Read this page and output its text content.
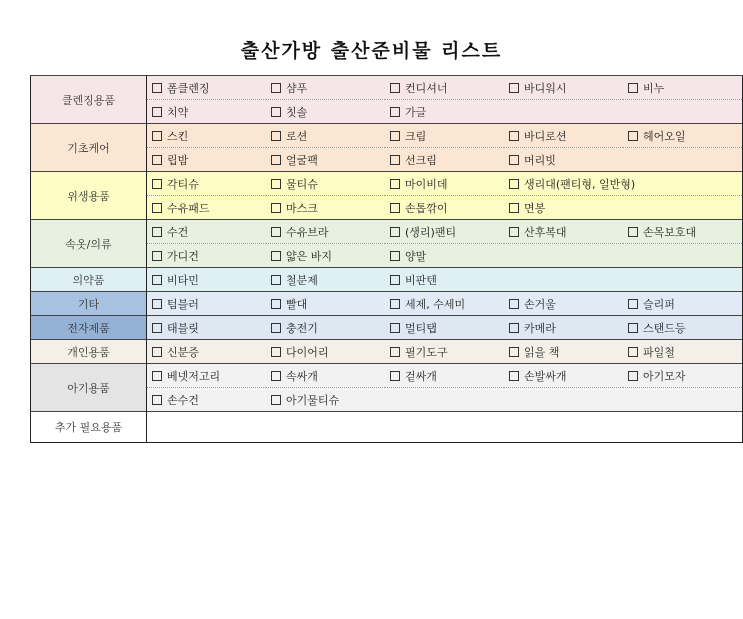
출산가방 출산준비물 리스트
클렌징용품	폼클렌징	샴푸	컨디셔너	바디워시	비누
	치약	칫솔	가글		
기초케어	스킨	로션	크림	바디로션	헤어오일
	립밤	얼굴팩	선크림	머리빗	
위생용품	각티슈	물티슈	마이비데	생리대(팬티형, 일반형)	
	수유패드	마스크	손톱깎이	면봉	
속옷/의류	수건	수유브라	(생리)팬티	산후복대	손목보호대
	가디건	얇은 바지	양말		
의약품	비타민	철분제	비판텐		
기타	텀블러	빨대	세제, 수세미	손거울	슬리퍼
전자제품	태블릿	충전기	멀티탭	카메라	스탠드등
개인용품	신분증	다이어리	필기도구	읽을 책	파일철
아기용품	베넷저고리	속싸개	겉싸개	손발싸개	아기모자
	손수건	아기물티슈			
추가 필요용품					
